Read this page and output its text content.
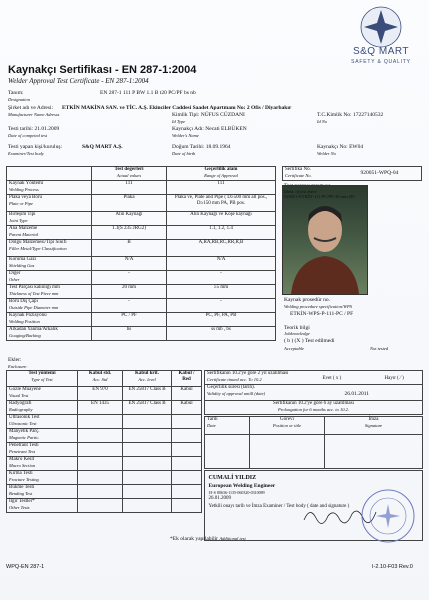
S&Q MART
SAFETY & QUALITY
Kaynakçı Sertifikası - EN 287-1:2004
Welder Approval Test Certificate - EN 287-1:2004
Tanım:	EN 287-1 111 P BW 1.1 B t20 PC/PF bs nb
Designation
Şirket adı ve Adresi: ETKİN MAKİNA SAN. ve TİC. A.Ş. Ekinciler Caddesi Saadet Apartmanı No: 2 Ofis / Diyarbakır
Manufacturer Name Adresss	Kimlik Tipi: NÜFUS CÜZDANI
Id Type
T.C.Kimlik No: 17227140532
Id No
Testi tarihi: 21.01.2009
Date of competed test
Kaynakçı Adı: Necati ELBÜKEN
Welder's Name
Testi yapan kişi/kuruluş:	S&Q MART A.Ş.
Examiner/Test body
Doğum Tarihi: 18.09.1964
Date of birth
Kaynakçı No: EW04
Welder No
	Test değerleri
Actual values	Geçerlilik alanı
Range of Approval
Kaynak Yöntemi
Welding Process	111	111
Plaka veya Boru
Plate or Pipe	Plaka	Plaka ve, Plate and Pipe ( D≥500 mm all pos., D≥150 mm PA, PB pos.
Birleşim Tipi
Joint Type	Alın Kaynağı	Alın Kaynağı ve Köşe kaynağı
Ana Malzeme
Parent Material	1.1(S 235 JRG2)	1.1, 1.2, 1.4
Dolgu Malzemesi/Tipi Sınıfı
Filler Metal/Type Classification	B	A,RA,RB,RC,RR,R,B
Koruma Gazı
Shielding Gas	N/A	N/A
Diğer
Other	-	-
Test Parçası kalınlığı mm
Thickness of Test Piece mm	20 mm	≥5 mm
Boru Dış Çapı
Outside Pipe Diameter mm	-	-
Kaynak Pozisyonu
Welding Position	PC / PF	PC, PF, PA, PB
Arkadan Yanma/Arkalık
Gouging/Backing	bs	ss mb , bs
Sertifika No.
Certificate No.	920051-WPQ-04
Ident. of test piece
920051-ETKİN-111-PC/PF-20 mm (P)
Kaynak prosedür no.
Welding procedure specification/WPS
ETKİN-WPS-P-111-PC / PF
Teorik bilgi
Jobknowledge
( b ) (X ) Test edilmedi
Acceptable	Not tested
Ekler:
Enclosure:
Test yöntemi
Type of Test	Kabul std.
Acc. Std	Kabul krit.
Acc. level	Kabul / Red
Gözle Muayene
Visual Test	EN 970	EN 25817 Class B	Kabul
Radyografi
Radiography	EN 1435	EN 25817 Class B	Kabul
Ultrasonik Test
Ultrasonic Test			
Manyetik Parç.
Magnetic Partic.			
Penetrant Testi
Penetrant Test			
Makro Kesit
Macro Section			
Kırma Testi
Fracture Testing			
Bükme Testi
Bending Test			
İlgir Testler*
Other Tests			
Sertifikanın 10.2'ye göre 2 yıl uzatılması
Certificate tinued acc. To 10.2	Evet ( x )	Hayır ( ⁄ )

Geçerlilik süresi (tarih).
Validity of approval untill (date)	26.01.2011

Sertifikanın 10.2'ye göre 6 ay uzatılması
Prolongation for 6 months acc. to 10.2.
Tarih
Date	Görevi
Position or title	İmza
Signature

CUMALİ YILDIZ
European Welding Engineer
I/I-S 80636-1135-060320-0310089
26.01.2009
Yetkili onayı tarih ve İmza Examiner / Test body ( date and signature )
*Ek olarak yapılabilir Additional test
WPQ-EN 287-1	I-2.10-F03 Rev.0
